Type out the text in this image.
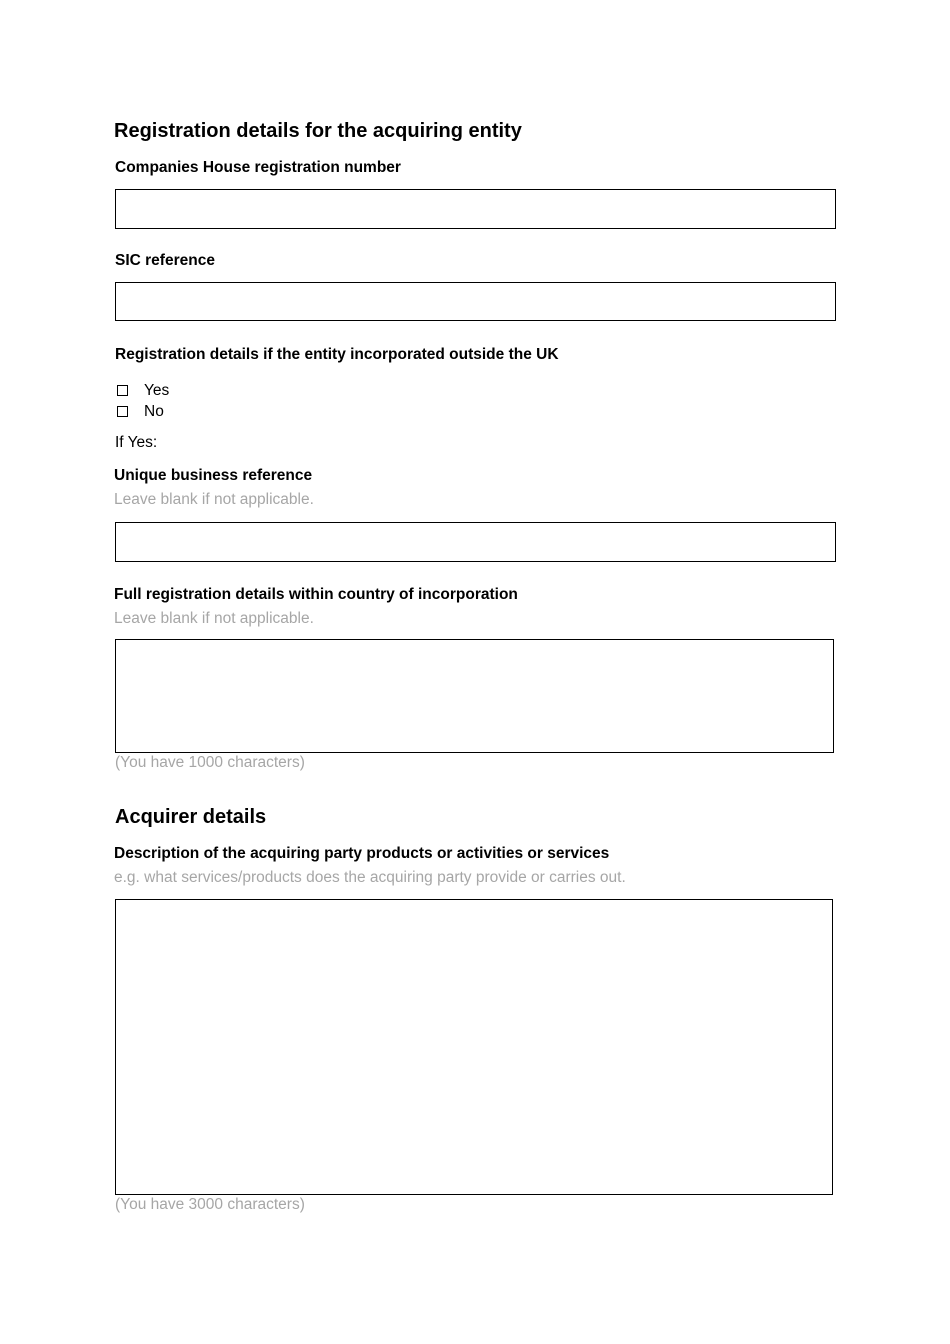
Registration details for the acquiring entity
Companies House registration number
SIC reference
Registration details if the entity incorporated outside the UK
Yes
No
If Yes:
Unique business reference
Leave blank if not applicable.
Full registration details within country of incorporation
Leave blank if not applicable.
(You have 1000 characters)
Acquirer details
Description of the acquiring party products or activities or services
e.g. what services/products does the acquiring party provide or carries out.
(You have 3000 characters)
